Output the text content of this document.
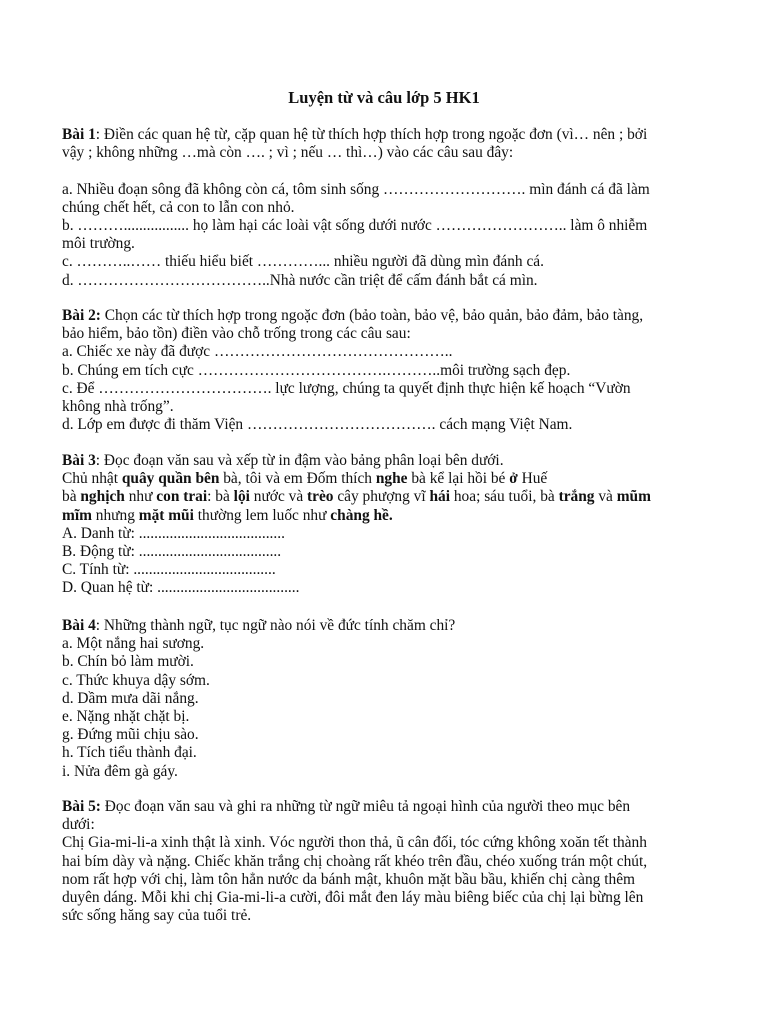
Luyện từ và câu lớp 5 HK1
Bài 1: Điền các quan hệ từ, cặp quan hệ từ thích hợp thích hợp trong ngoặc đơn (vì… nên ; bởi
vậy ; không những …mà còn …. ; vì ; nếu … thì…) vào các câu sau đây:
a. Nhiều đoạn sông đã không còn cá, tôm sinh sống ………………………. mìn đánh cá đã làm
chúng chết hết, cả con to lẫn con nhỏ.
b. ………................. họ làm hại các loài vật sống dưới nước …………………….. làm ô nhiễm
môi trường.
c. ………..…… thiếu hiểu biết …………... nhiều người đã dùng mìn đánh cá.
d. ………………………………..Nhà nước cần triệt để cấm đánh bắt cá mìn.
Bài 2: Chọn các từ thích hợp trong ngoặc đơn (bảo toàn, bảo vệ, bảo quản, bảo đảm, bảo tàng,
bảo hiểm, bảo tồn) điền vào chỗ trống trong các câu sau:
a. Chiếc xe này đã được ………………………………………..
b. Chúng em tích cực ……………………………….………..môi trường sạch đẹp.
c. Để ……………………………. lực lượng, chúng ta quyết định thực hiện kế hoạch “Vườn
không nhà trống”.
d. Lớp em được đi thăm Viện ………………………………. cách mạng Việt Nam.
Bài 3: Đọc đoạn văn sau và xếp từ in đậm vào bảng phân loại bên dưới.
Chủ nhật quây quần bên bà, tôi và em Đốm thích nghe bà kể lại hồi bé ở Huế
bà nghịch như con trai: bà lội nước và trèo cây phượng vĩ hái hoa; sáu tuổi, bà trắng và mũm
mĩm nhưng mặt mũi thường lem luốc như chàng hề.
A. Danh từ: ......................................
B. Động từ: .....................................
C. Tính từ: .....................................
D. Quan hệ từ: .....................................
Bài 4: Những thành ngữ, tục ngữ nào nói về đức tính chăm chỉ?
a. Một nắng hai sương.
b. Chín bỏ làm mười.
c. Thức khuya dậy sớm.
d. Dầm mưa dãi nắng.
e. Nặng nhặt chặt bị.
g. Đứng mũi chịu sào.
h. Tích tiểu thành đại.
i. Nửa đêm gà gáy.
Bài 5: Đọc đoạn văn sau và ghi ra những từ ngữ miêu tả ngoại hình của người theo mục bên
dưới:
Chị Gia-mi-li-a xinh thật là xinh. Vóc người thon thả, ũ cân đối, tóc cứng không xoăn tết thành
hai bím dày và nặng. Chiếc khăn trắng chị choàng rất khéo trên đầu, chéo xuống trán một chút,
nom rất hợp với chị, làm tôn hẳn nước da bánh mật, khuôn mặt bầu bầu, khiến chị càng thêm
duyên dáng. Mỗi khi chị Gia-mi-li-a cười, đôi mắt đen láy màu biêng biếc của chị lại bừng lên
sức sống hăng say của tuổi trẻ.
